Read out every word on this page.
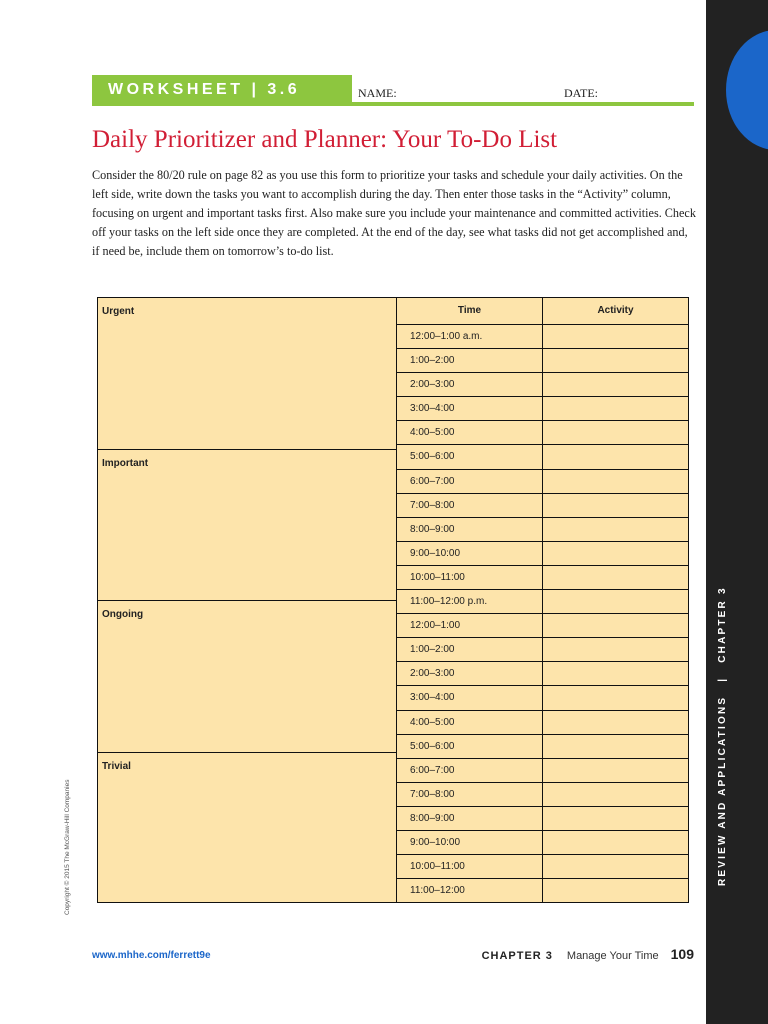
REVIEW AND APPLICATIONS|CHAPTER 3
WORKSHEET | 3.6	NAME:	DATE:
Daily Prioritizer and Planner: Your To-Do List

Consider the 80/20 rule on page 82 as you use this form to prioritize your tasks and schedule your daily activities. On the left side, write down the tasks you want to accomplish during the day. Then enter those tasks in the “Activity” column, focusing on urgent and important tasks first. Also make sure you include your maintenance and committed activities. Check off your tasks on the left side once they are completed. At the end of the day, see what tasks did not get accomplished and, if need be, include them on tomorrow’s to-do list.

Urgent
Important
Ongoing
Trivial
Time	Activity
12:00–1:00 a.m.
1:00–2:00
2:00–3:00
3:00–4:00
4:00–5:00
5:00–6:00
6:00–7:00
7:00–8:00
8:00–9:00
9:00–10:00
10:00–11:00
11:00–12:00 p.m.
12:00–1:00
1:00–2:00
2:00–3:00
3:00–4:00
4:00–5:00
5:00–6:00
6:00–7:00
7:00–8:00
8:00–9:00
9:00–10:00
10:00–11:00
11:00–12:00
Copyright © 2015 The McGraw-Hill Companies
www.mhhe.com/ferrett9e	CHAPTER 3 Manage Your Time 109
